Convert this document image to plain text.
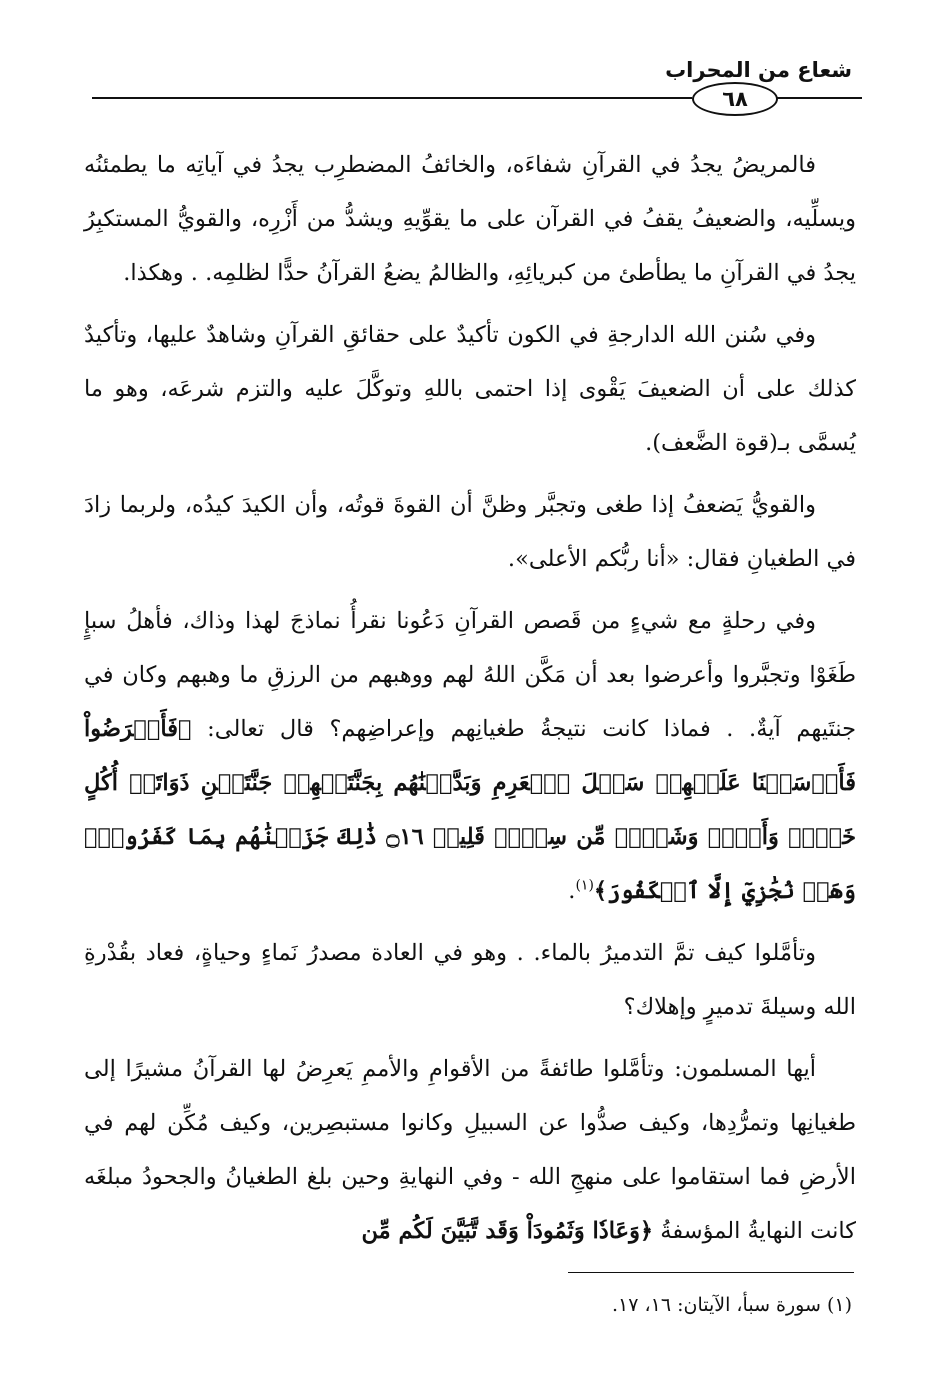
شعاع من المحراب
٦٨

فالمريضُ يجدُ في القرآنِ شفاءَه، والخائفُ المضطرِب يجدُ في آياتِه ما يطمئنُه ويسلِّيه، والضعيفُ يقفُ في القرآن على ما يقوِّيهِ ويشدُّ من أَزْرِه، والقويُّ المستكبِرُ يجدُ في القرآنِ ما يطأطئ من كبريائِهِ، والظالمُ يضعُ القرآنُ حدًّا لظلمِه. . وهكذا.

وفي سُنن الله الدارجةِ في الكون تأكيدٌ على حقائقِ القرآنِ وشاهدٌ عليها، وتأكيدٌ كذلك على أن الضعيفَ يَقْوى إذا احتمى باللهِ وتوكَّلَ عليه والتزم شرعَه، وهو ما يُسمَّى بـ(قوة الضَّعف).

والقويُّ يَضعفُ إذا طغى وتجبَّر وظنَّ أن القوةَ قوتُه، وأن الكيدَ كيدُه، ولربما زادَ في الطغيانِ فقال: «أنا ربُّكم الأعلى».

وفي رحلةٍ مع شيءٍ من قَصص القرآنِ دَعُونا نقرأُ نماذجَ لهذا وذاك، فأهلُ سبإٍ طَغَوْا وتجبَّروا وأعرضوا بعد أن مَكَّن اللهُ لهم ووهبهم من الرزقِ ما وهبهم وكان في جنتَيهم آيةٌ. . فماذا كانت نتيجةُ طغيانِهم وإعراضِهم؟ قال تعالى: ﴿فَأَعۡرَضُواْ فَأَرۡسَلۡنَا عَلَيۡهِمۡ سَيۡلَ ٱلۡعَرِمِ وَبَدَّلۡنَٰهُم بِجَنَّتَيۡهِمۡ جَنَّتَيۡنِ ذَوَاتَيۡ أُكُلٍ خَمۡطٖ وَأَثۡلٖ وَشَيۡءٖ مِّن سِدۡرٖ قَلِيلٖ ۝١٦ ذَٰلِكَ جَزَيۡنَٰهُم بِمَا كَفَرُواْۖ وَهَلۡ نُجَٰزِيٓ إِلَّا ٱلۡكَفُورَ﴾$^{(١)}$.

وتأمَّلوا كيف تمَّ التدميرُ بالماء. . وهو في العادة مصدرُ نَماءٍ وحياةٍ، فعاد بقُدْرةِ الله وسيلةَ تدميرٍ وإهلاك؟

أيها المسلمون: وتأمَّلوا طائفةً من الأقوامِ والأممِ يَعرِضُ لها القرآنُ مشيرًا إلى طغيانِها وتمرُّدِها، وكيف صدُّوا عن السبيلِ وكانوا مستبصِرين، وكيف مُكِّن لهم في الأرضِ فما استقاموا على منهجِ الله - وفي النهايةِ وحين بلغ الطغيانُ والجحودُ مبلغَه كانت النهايةُ المؤسفةُ ﴿وَعَادٗا وَثَمُودَاْ وَقَد تَّبَيَّنَ لَكُم مِّن

(١) سورة سبأ، الآيتان: ١٦، ١٧.
